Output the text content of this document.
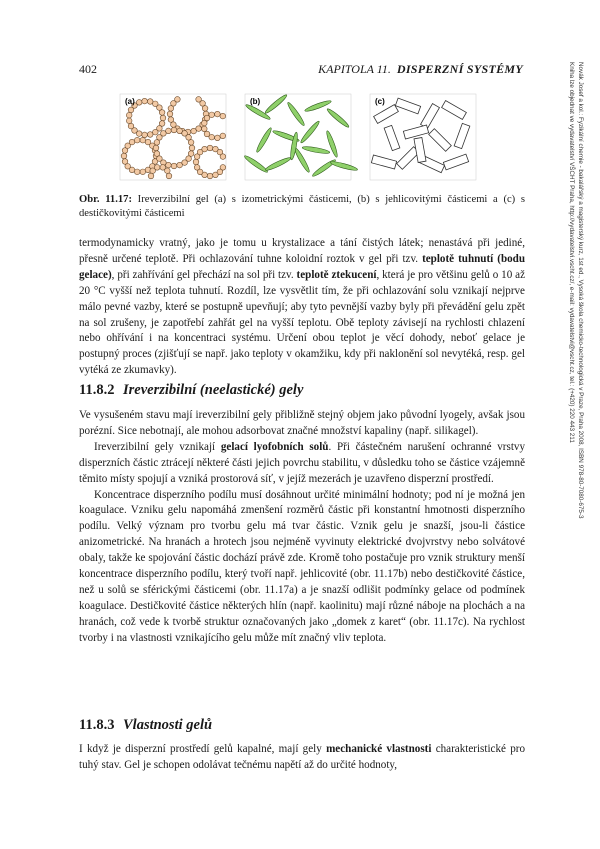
402	KAPITOLA 11. DISPERZNÍ SYSTÉMY	Novák Josef a kol.: Fyzikální chemie - bakalářský a magisterský kurz, 1st ed., Vysoká škola chemicko-technologická v Praze, Praha 2008, ISBN 978-80-7080-675-3
Kniha lze objednat ve vydavatelství VŠCHT Praha, http://vydavatelstvi.vscht.cz/, e-mail: vydavatelstvi@vscht.cz, tel.: (+420) 220 443 211
(a)	(b)	(c)
Obr. 11.17: Ireverzibilní gel (a) s izometrickými částicemi, (b) s jehlicovitými částicemi a (c) s destičkovitými částicemi

termodynamicky vratný, jako je tomu u krystalizace a tání čistých látek; nenastává při jediné, přesně určené teplotě. Při ochlazování tuhne koloidní roztok v gel při tzv. teplotě tuhnutí (bodu gelace), při zahřívání gel přechází na sol při tzv. teplotě ztekucení, která je pro většinu gelů o 10 až 20 °C vyšší než teplota tuhnutí. Rozdíl, lze vysvětlit tím, že při ochlazování solu vznikají nejprve málo pevné vazby, které se postupně upevňují; aby tyto pevnější vazby byly při převádění gelu zpět na sol zrušeny, je zapotřebí zahřát gel na vyšší teplotu. Obě teploty závisejí na rychlosti chlazení nebo ohřívání i na koncentraci systému. Určení obou teplot je věcí dohody, neboť gelace je postupný proces (zjišťují se např. jako teploty v okamžiku, kdy při naklonění sol nevytéká, resp. gel vytéká ze zkumavky).

11.8.2 Ireverzibilní (neelastické) gely

Ve vysušeném stavu mají ireverzibilní gely přibližně stejný objem jako původní lyogely, avšak jsou porézní. Sice nebotnají, ale mohou adsorbovat značné množství kapaliny (např. silikagel).

Ireverzibilní gely vznikají gelací lyofobních solů. Při částečném narušení ochranné vrstvy disperzních částic ztrácejí některé části jejich povrchu stabilitu, v důsledku toho se částice vzájemně těmito místy spojují a vzniká prostorová síť, v jejíž mezerách je uzavřeno disperzní prostředí.

Koncentrace disperzního podílu musí dosáhnout určité minimální hodnoty; pod ní je možná jen koagulace. Vzniku gelu napomáhá zmenšení rozměrů částic při konstantní hmotnosti disperzního podílu. Velký význam pro tvorbu gelu má tvar částic. Vznik gelu je snazší, jsou-li částice anizometrické. Na hranách a hrotech jsou nejméně vyvinuty elektrické dvojvrstvy nebo solvátové obaly, takže ke spojování částic dochází právě zde. Kromě toho postačuje pro vznik struktury menší koncentrace disperzního podílu, který tvoří např. jehlicovité (obr. 11.17b) nebo destičkovité částice, než u solů se sférickými částicemi (obr. 11.17a) a je snazší odlišit podmínky gelace od podmínek koagulace. Destičkovité částice některých hlín (např. kaolinitu) mají různé náboje na plochách a na hranách, což vede k tvorbě struktur označovaných jako „domek z karet“ (obr. 11.17c). Na rychlost tvorby i na vlastnosti vznikajícího gelu může mít značný vliv teplota.

11.8.3 Vlastnosti gelů

I když je disperzní prostředí gelů kapalné, mají gely mechanické vlastnosti charakteristické pro tuhý stav. Gel je schopen odolávat tečnému napětí až do určité hodnoty,
